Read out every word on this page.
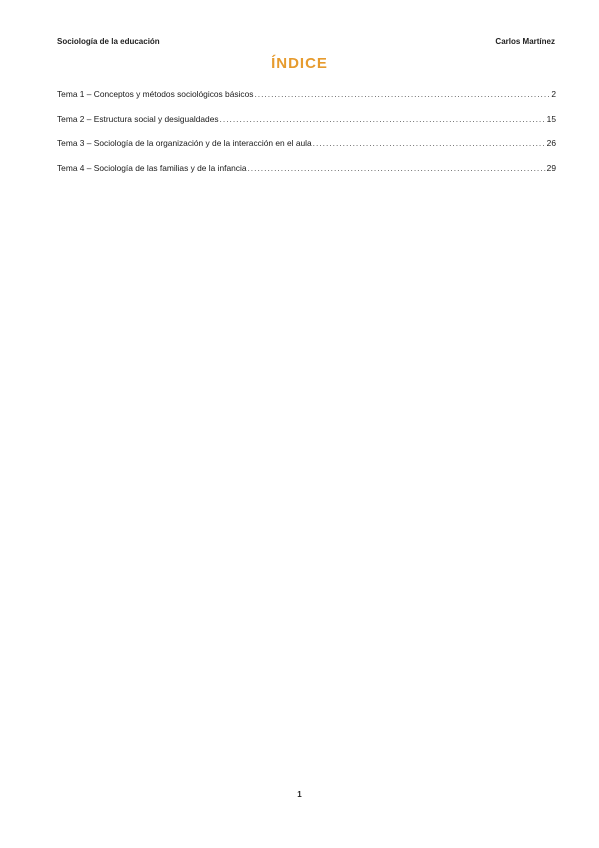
Sociología de la educación	Carlos Martínez
ÍNDICE
Tema 1 – Conceptos y métodos sociológicos básicos .....	2
Tema 2 – Estructura social y desigualdades .....	15
Tema 3 – Sociología de la organización y de la interacción en el aula .....	26
Tema 4 – Sociología de las familias y de la infancia .....	29
1
